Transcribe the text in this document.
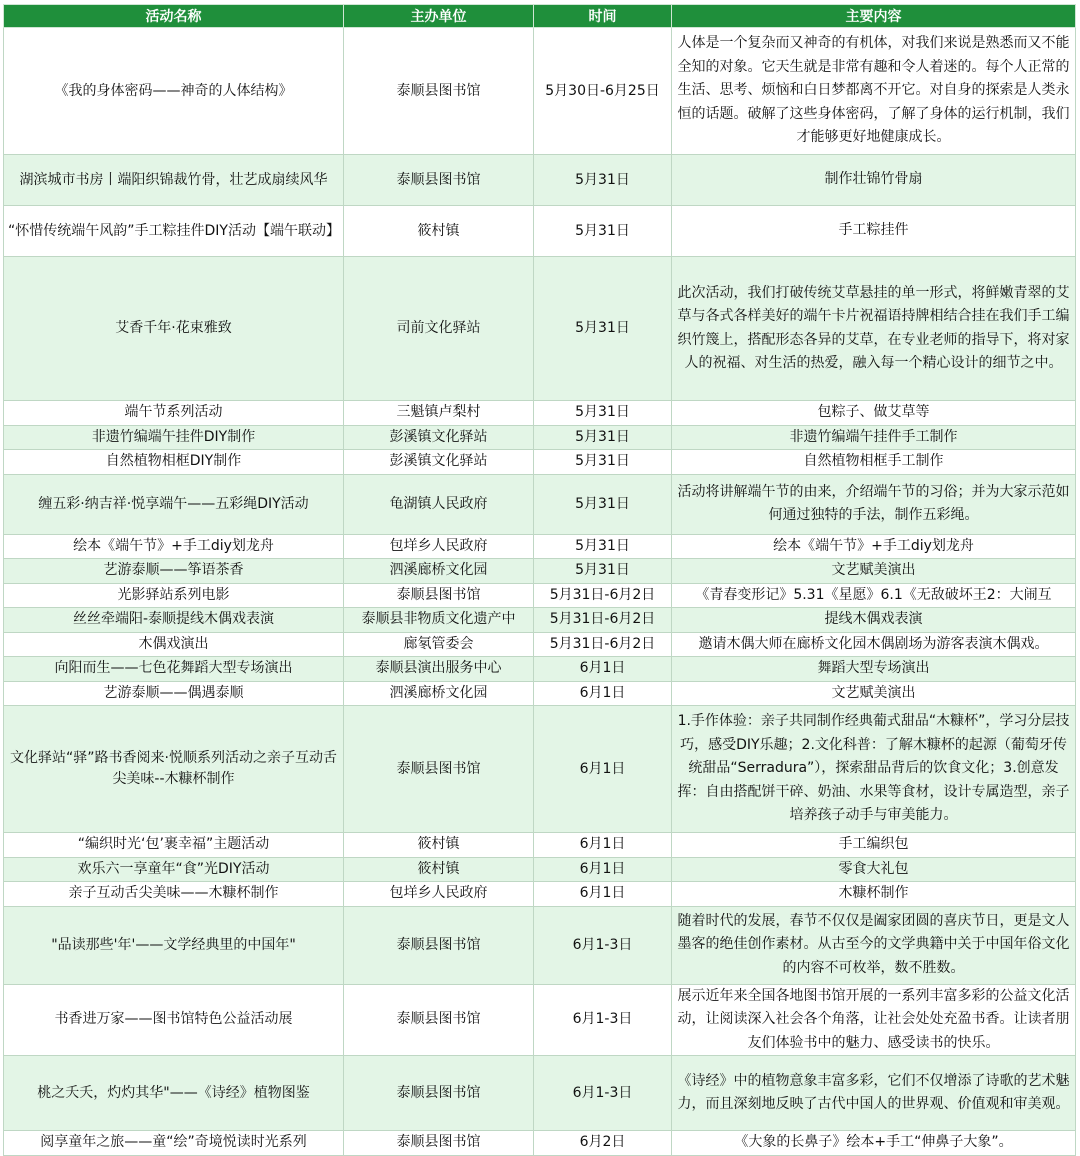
活动名称	主办单位	时间	主要内容
《我的身体密码——神奇的人体结构》	泰顺县图书馆	5月30日-6月25日	人体是一个复杂而又神奇的有机体，对我们来说是熟悉而又不能全知的对象。它天生就是非常有趣和令人着迷的。每个人正常的生活、思考、烦恼和白日梦都离不开它。对自身的探索是人类永恒的话题。破解了这些身体密码，了解了身体的运行机制，我们才能够更好地健康成长。
湖滨城市书房丨端阳织锦裁竹骨，壮艺成扇续风华	泰顺县图书馆	5月31日	制作壮锦竹骨扇
“怀惜传统端午风韵”手工粽挂件DIY活动【端午联动】	筱村镇	5月31日	手工粽挂件
艾香千年·花束雅致	司前文化驿站	5月31日	此次活动，我们打破传统艾草悬挂的单一形式，将鲜嫩青翠的艾草与各式各样美好的端午卡片祝福语持牌相结合挂在我们手工编织竹篾上，搭配形态各异的艾草，在专业老师的指导下，将对家人的祝福、对生活的热爱，融入每一个精心设计的细节之中。
端午节系列活动	三魁镇卢梨村	5月31日	包粽子、做艾草等
非遗竹编端午挂件DIY制作	彭溪镇文化驿站	5月31日	非遗竹编端午挂件手工制作
自然植物相框DIY制作	彭溪镇文化驿站	5月31日	自然植物相框手工制作
缠五彩·纳吉祥·悦享端午——五彩绳DIY活动	龟湖镇人民政府	5月31日	活动将讲解端午节的由来，介绍端午节的习俗；并为大家示范如何通过独特的手法，制作五彩绳。
绘本《端午节》+手工diy划龙舟	包垟乡人民政府	5月31日	绘本《端午节》+手工diy划龙舟
艺游泰顺——筝语茶香	泗溪廊桥文化园	5月31日	文艺赋美演出
光影驿站系列电影	泰顺县图书馆	5月31日-6月2日	《青春变形记》5.31《星愿》6.1《无敌破坏王2：大闹互
丝丝牵端阳-泰顺提线木偶戏表演	泰顺县非物质文化遗产中	5月31日-6月2日	提线木偶戏表演
木偶戏演出	廊氡管委会	5月31日-6月2日	邀请木偶大师在廊桥文化园木偶剧场为游客表演木偶戏。
向阳而生——七色花舞蹈大型专场演出	泰顺县演出服务中心	6月1日	舞蹈大型专场演出
艺游泰顺——偶遇泰顺	泗溪廊桥文化园	6月1日	文艺赋美演出
文化驿站“驿”路书香阅来·悦顺系列活动之亲子互动舌尖美味--木糠杯制作	泰顺县图书馆	6月1日	1.手作体验：亲子共同制作经典葡式甜品“木糠杯”，学习分层技巧，感受DIY乐趣；2.文化科普：了解木糠杯的起源（葡萄牙传统甜品“Serradura”），探索甜品背后的饮食文化；3.创意发挥：自由搭配饼干碎、奶油、水果等食材，设计专属造型，亲子培养孩子动手与审美能力。
“编织时光‘包’裹幸福”主题活动	筱村镇	6月1日	手工编织包
欢乐六一享童年“食”光DIY活动	筱村镇	6月1日	零食大礼包
亲子互动舌尖美味——木糠杯制作	包垟乡人民政府	6月1日	木糠杯制作
"品读那些'年'——文学经典里的中国年"	泰顺县图书馆	6月1-3日	随着时代的发展，春节不仅仅是阖家团圆的喜庆节日，更是文人墨客的绝佳创作素材。从古至今的文学典籍中关于中国年俗文化的内容不可枚举，数不胜数。
书香进万家——图书馆特色公益活动展	泰顺县图书馆	6月1-3日	展示近年来全国各地图书馆开展的一系列丰富多彩的公益文化活动，让阅读深入社会各个角落，让社会处处充盈书香。让读者朋友们体验书中的魅力、感受读书的快乐。
桃之夭夭，灼灼其华"——《诗经》植物图鉴	泰顺县图书馆	6月1-3日	《诗经》中的植物意象丰富多彩，它们不仅增添了诗歌的艺术魅力，而且深刻地反映了古代中国人的世界观、价值观和审美观。
阅享童年之旅——童“绘”奇境悦读时光系列	泰顺县图书馆	6月2日	《大象的长鼻子》绘本+手工“伸鼻子大象”。
